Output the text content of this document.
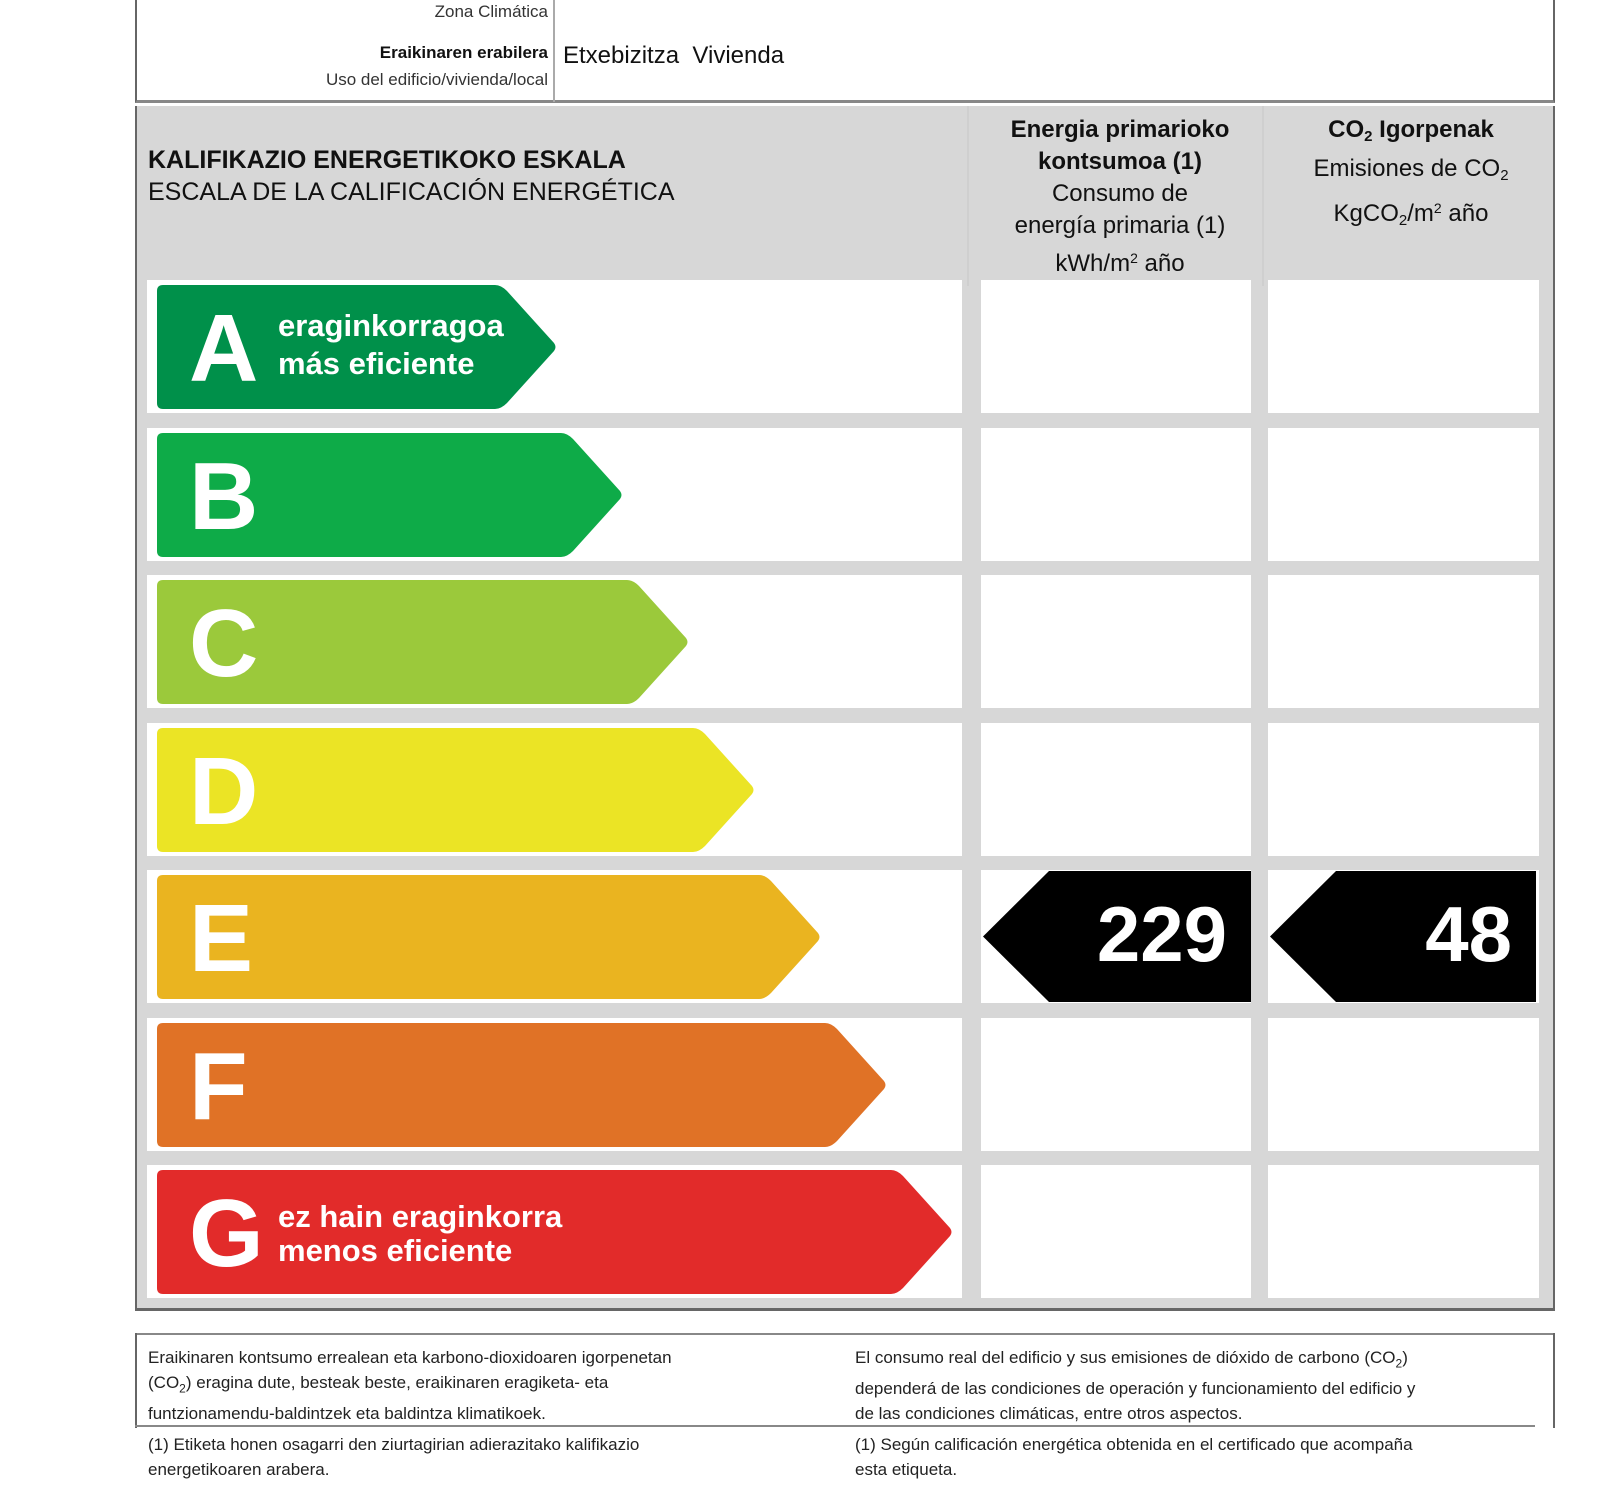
Zona Climática
Eraikinaren erabilera
Uso del edificio/vivienda/local
Etxebizitza Vivienda
KALIFIKAZIO ENERGETIKOKO ESKALA
ESCALA DE LA CALIFICACIÓN ENERGÉTICA
Energia primarioko
kontsumoa (1)
Consumo de
energía primaria (1)
kWh/$m^2$ año
$CO_2$ Igorpenak
Emisiones de $CO_2$
$KgCO_2/m^2$ año
A eraginkorragoa
más eficiente
B
C
D
E	229	48
F
G ez hain eraginkorra
menos eficiente
Eraikinaren kontsumo errealean eta karbono-dioxidoaren igorpenetan
$(CO_2)$ eragina dute, besteak beste, eraikinaren eragiketa- eta
funtzionamendu-baldintzek eta baldintza klimatikoek.
El consumo real del edificio y sus emisiones de dióxido de carbono $(CO_2)$
dependerá de las condiciones de operación y funcionamiento del edificio y
de las condiciones climáticas, entre otros aspectos.
(1) Etiketa honen osagarri den ziurtagirian adierazitako kalifikazio
energetikoaren arabera.
(1) Según calificación energética obtenida en el certificado que acompaña
esta etiqueta.
